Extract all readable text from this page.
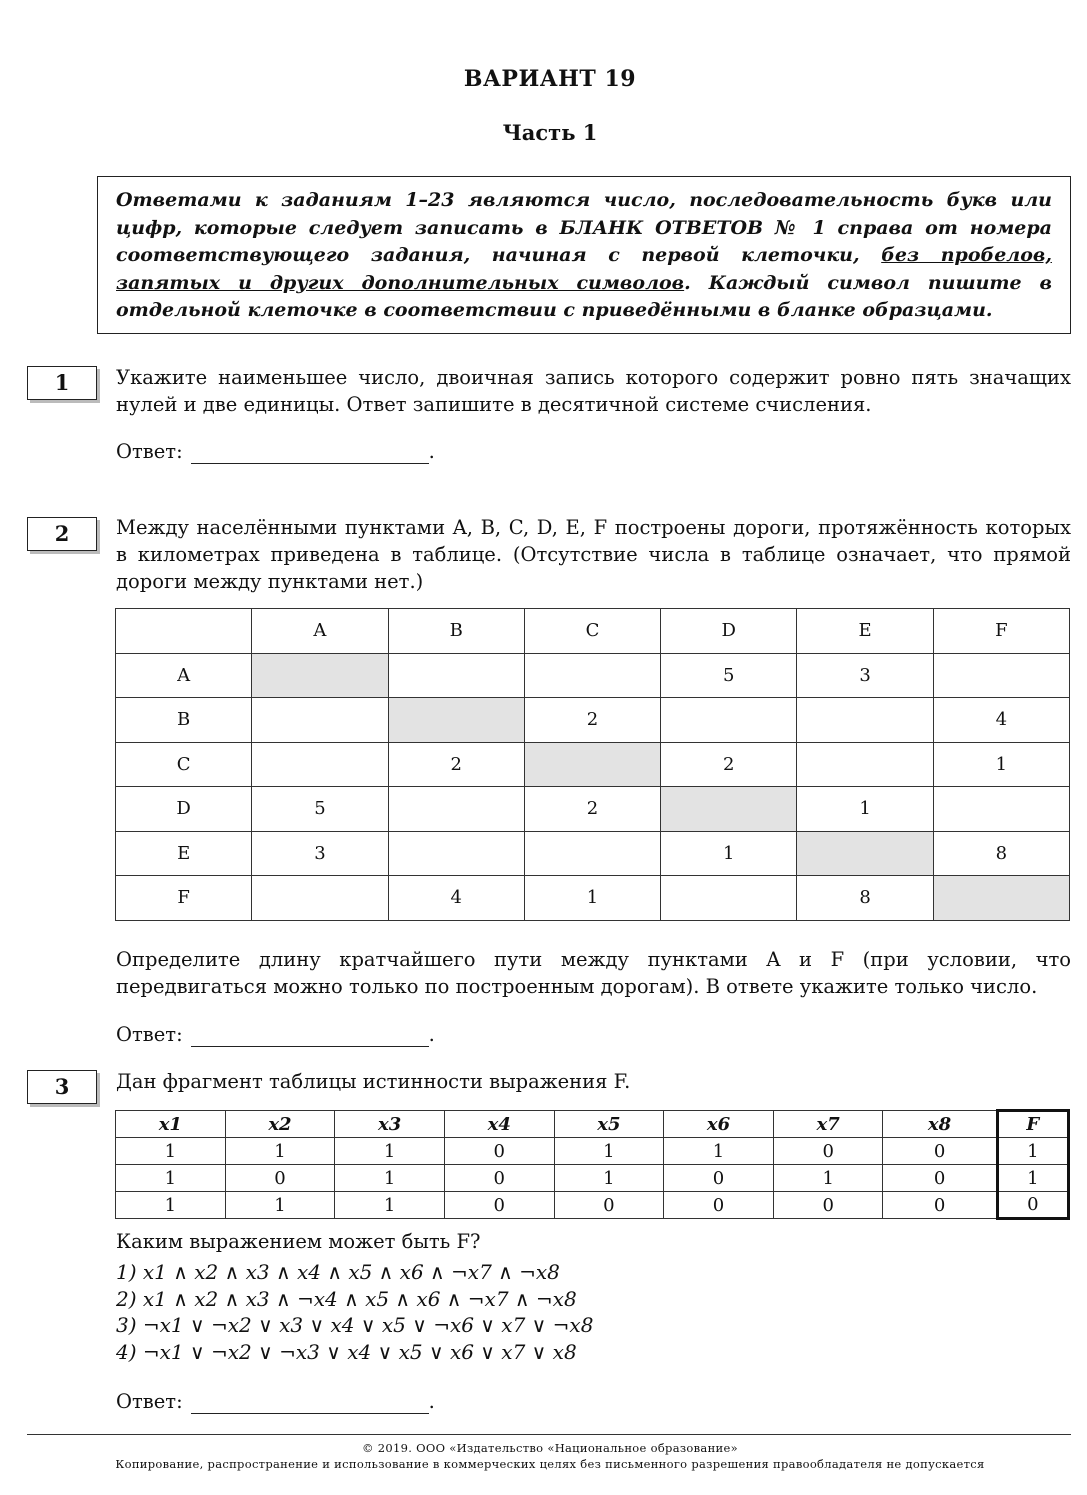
ВАРИАНТ 19
Часть 1
Ответами к заданиям 1–23 являются число, последовательность букв или цифр, которые следует записать в БЛАНК ОТВЕТОВ № 1 справа от номера соответствующего задания, начиная с первой клеточки, без пробелов, запятых и других дополнительных символов. Каждый символ пишите в отдельной клеточке в соответствии с приведёнными в бланке образцами.
1	Укажите наименьшее число, двоичная запись которого содержит ровно пять значащих нулей и две единицы. Ответ запишите в десятичной системе счисления.
Ответ:	.
2	Между населёнными пунктами A, B, C, D, E, F построены дороги, протяжённость которых в километрах приведена в таблице. (Отсутствие числа в таблице означает, что прямой дороги между пунктами нет.)
	A	B	C	D	E	F
A				5	3	
B			2			4
C		2		2		1
D	5		2		1	
E	3			1		8
F		4	1		8	
Определите длину кратчайшего пути между пунктами A и F (при условии, что передвигаться можно только по построенным дорогам). В ответе укажите только число.
Ответ:	.
3	Дан фрагмент таблицы истинности выражения F.
x1	x2	x3	x4	x5	x6	x7	x8	F
1	1	1	0	1	1	0	0	1
1	0	1	0	1	0	1	0	1
1	1	1	0	0	0	0	0	0
Каким выражением может быть F?
1) x1 ∧ x2 ∧ x3 ∧ x4 ∧ x5 ∧ x6 ∧ ¬x7 ∧ ¬x8
2) x1 ∧ x2 ∧ x3 ∧ ¬x4 ∧ x5 ∧ x6 ∧ ¬x7 ∧ ¬x8
3) ¬x1 ∨ ¬x2 ∨ x3 ∨ x4 ∨ x5 ∨ ¬x6 ∨ x7 ∨ ¬x8
4) ¬x1 ∨ ¬x2 ∨ ¬x3 ∨ x4 ∨ x5 ∨ x6 ∨ x7 ∨ x8
Ответ:	.
© 2019. ООО «Издательство «Национальное образование»
Копирование, распространение и использование в коммерческих целях без письменного разрешения правообладателя не допускается
